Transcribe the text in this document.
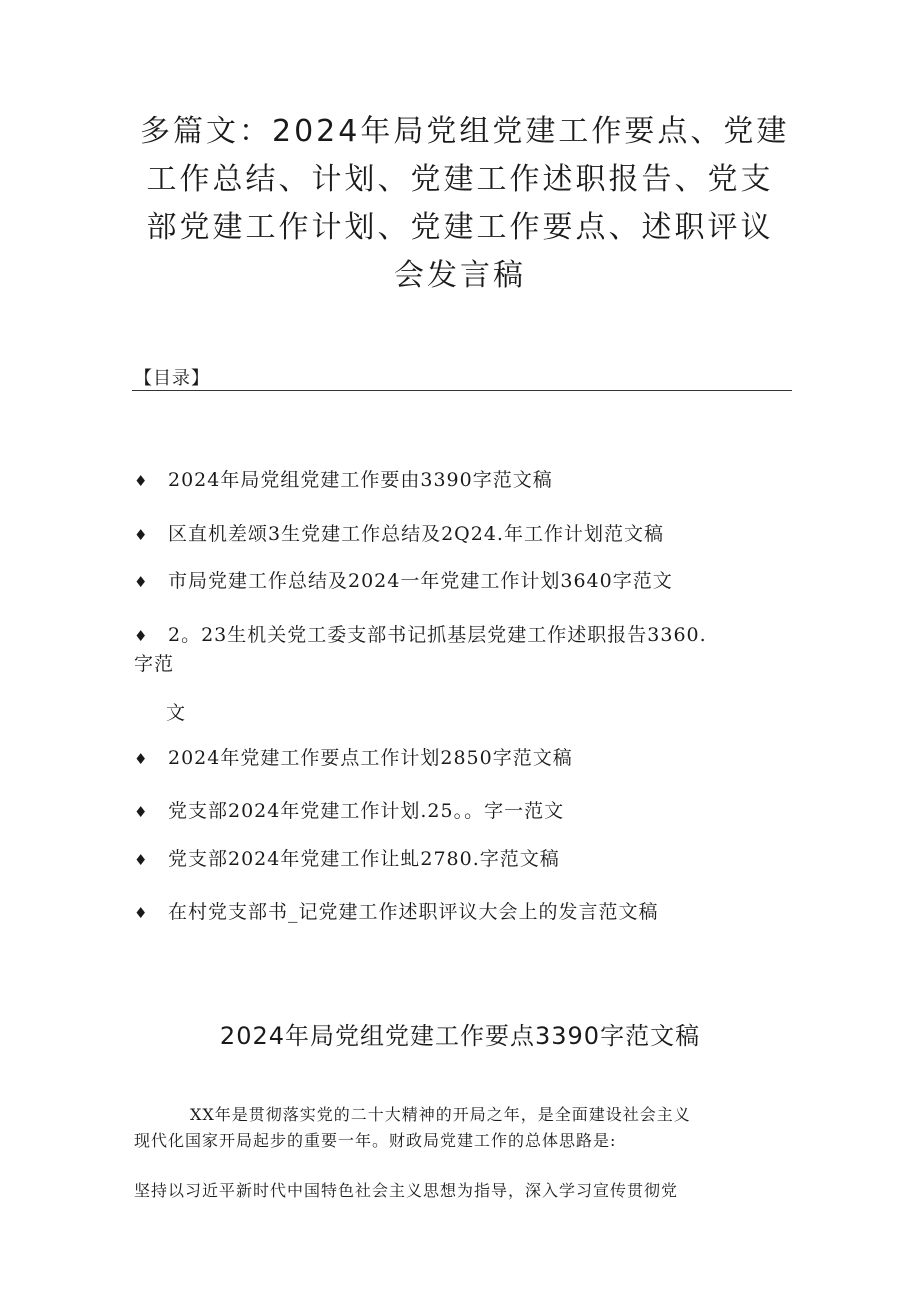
多篇文：2024年局党组党建工作要点、党建
工作总结、计划、党建工作述职报告、党支
部党建工作计划、党建工作要点、述职评议
会发言稿
【目录】
♦ 2024年局党组党建工作要由3390字范文稿
♦ 区直机差颂3生党建工作总结及2Q24.年工作计划范文稿
♦ 市局党建工作总结及2024一年党建工作计划3640字范文
♦ 2。23生机关党工委支部书记抓基层党建工作述职报告3360.
字范
文
♦ 2024年党建工作要点工作计划2850字范文稿
♦ 党支部2024年党建工作计划.25。。字一范文
♦ 党支部2024年党建工作让虬2780.字范文稿
♦ 在村党支部书_记党建工作述职评议大会上的发言范文稿
2024年局党组党建工作要点3390字范文稿
XX年是贯彻落实党的二十大精神的开局之年，是全面建设社会主义
现代化国家开局起步的重要一年。财政局党建工作的总体思路是:
坚持以习近平新时代中国特色社会主义思想为指导，深入学习宣传贯彻党
